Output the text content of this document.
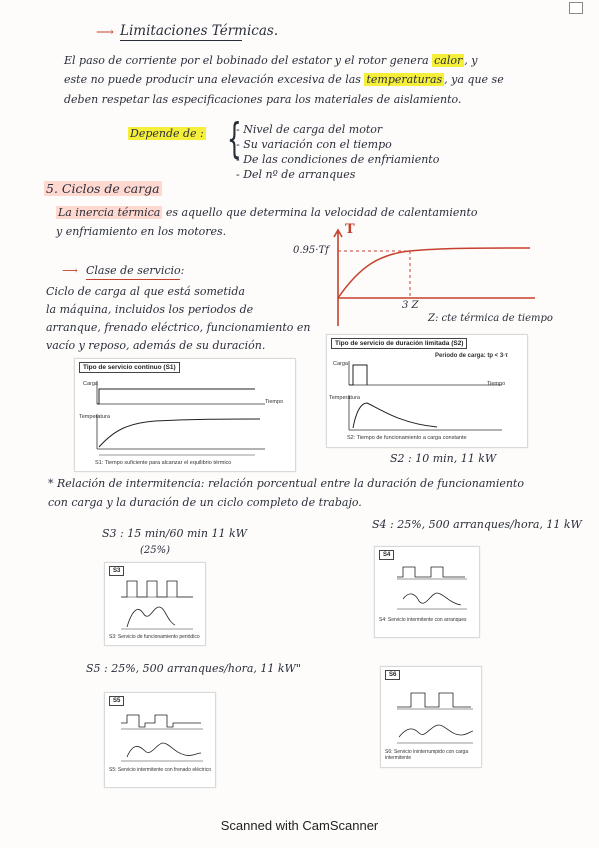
⟶ Limitaciones Térmicas.
El paso de corriente por el bobinado del estator y el rotor genera calor , y
este no puede producir una elevación excesiva de las temperaturas , ya que se
deben respetar las especificaciones para los materiales de aislamiento.
Depende de : {
- Nivel de carga del motor
- Su variación con el tiempo
- De las condiciones de enfriamiento
- Del nº de arranques
5. Ciclos de carga
La inercia térmica es aquello que determina la velocidad de calentamiento
y enfriamiento en los motores.	T
0.95·Tf
3 Z
Z: cte térmica de tiempo
⟶ Clase de servicio:
Ciclo de carga al que está sometida
la máquina, incluidos los periodos de
arranque, frenado eléctrico, funcionamiento en
vacío y reposo, además de su duración.
Tipo de servicio continuo (S1)
Carga
Tiempo
Temperatura
S1: Tiempo suficiente para alcanzar el equilibrio térmico
Tipo de servicio de duración limitada (S2)
Periodo de carga: tp < 3·τ
Carga
Tiempo
Temperatura
S2: Tiempo de funcionamiento a carga constante
S2 : 10 min, 11 kW
* Relación de intermitencia: relación porcentual entre la duración de funcionamiento
con carga y la duración de un ciclo completo de trabajo.
S3 : 15 min/60 min 11 kW
(25%)
S3
S3: Servicio de funcionamiento periódico
S4 : 25%, 500 arranques/hora, 11 kW
S4
S4: Servicio intermitente con arranques
S5 : 25%, 500 arranques/hora, 11 kW"
S5
S5: Servicio intermitente con frenado eléctrico
S6
S6: Servicio ininterrumpido con carga intermitente
Scanned with CamScanner
